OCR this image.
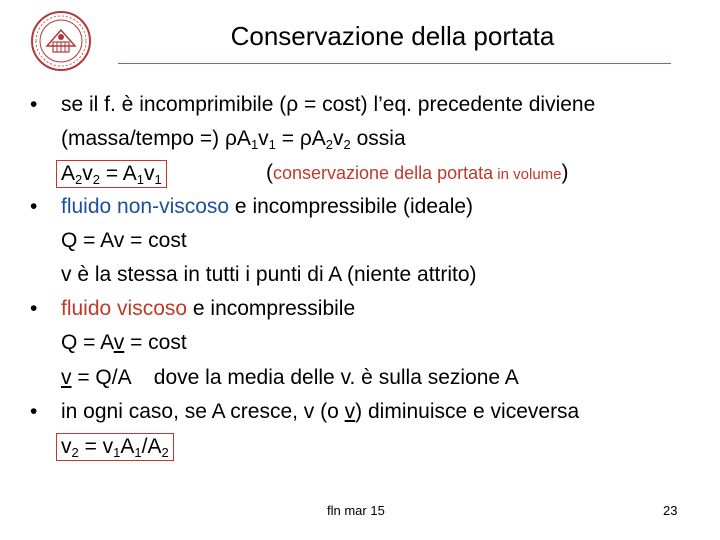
Conservazione della portata
• se il f. è incomprimibile (ρ = cost) l’eq. precedente diviene
(massa/tempo =) $\rho A_1v_1 = \rho A_2v_2$ ossia
$A_2v_2 = A_1v_1$	(conservazione della portata in volume)
• fluido non-viscoso e incompressibile (ideale)
Q = Av = cost
v è la stessa in tutti i punti di A (niente attrito)
• fluido viscoso e incompressibile
Q = Av = cost
v = Q/A    dove la media delle v. è sulla sezione A
• in ogni caso, se A cresce, v (o v) diminuisce e viceversa
$v_2 = v_1A_1/A_2$
fln mar 15	23
